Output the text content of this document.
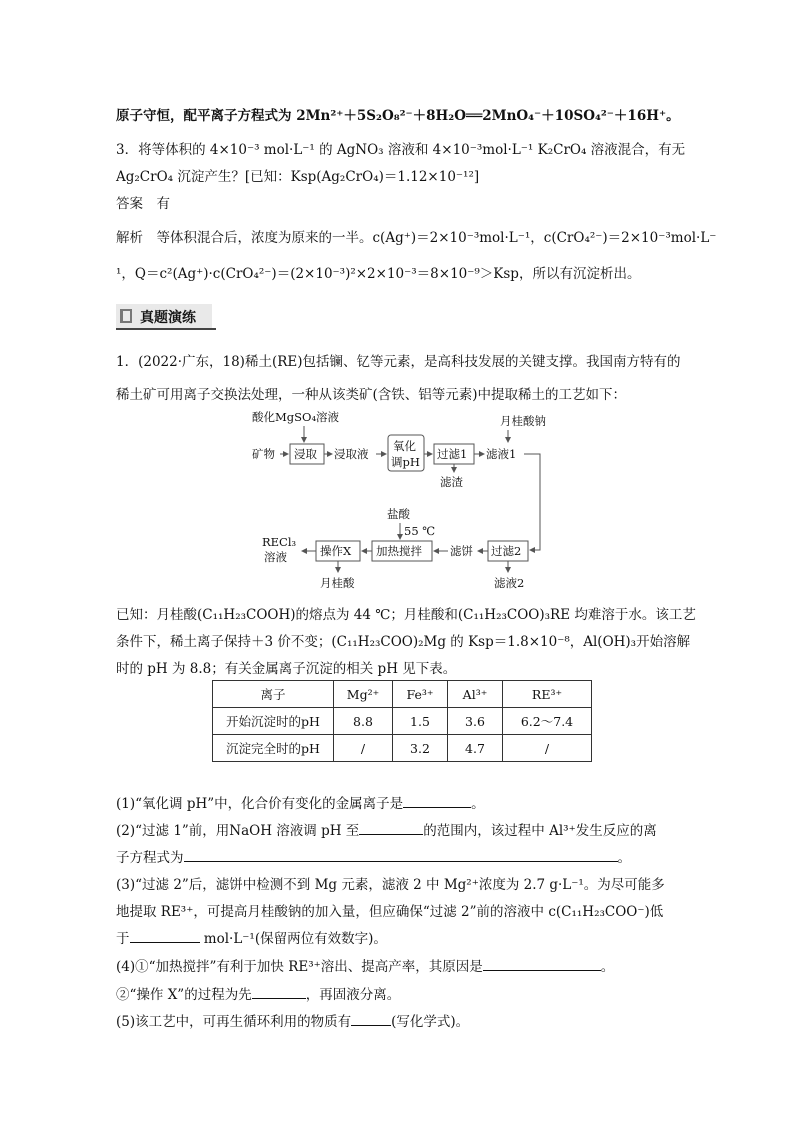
原子守恒，配平离子方程式为 2Mn²⁺＋5S₂O₈²⁻＋8H₂O══2MnO₄⁻＋10SO₄²⁻＋16H⁺。
3．将等体积的 4×10⁻³ mol·L⁻¹ 的 AgNO₃ 溶液和 4×10⁻³mol·L⁻¹ K₂CrO₄ 溶液混合，有无
Ag₂CrO₄ 沉淀产生？[已知：Ksp(Ag₂CrO₄)＝1.12×10⁻¹²]
答案　有
解析　等体积混合后，浓度为原来的一半。c(Ag⁺)＝2×10⁻³mol·L⁻¹，c(CrO₄²⁻)＝2×10⁻³mol·L⁻
¹，Q＝c²(Ag⁺)·c(CrO₄²⁻)＝(2×10⁻³)²×2×10⁻³＝8×10⁻⁹＞Ksp，所以有沉淀析出。
真题演练
1．(2022·广东，18)稀土(RE)包括镧、钇等元素，是高科技发展的关键支撑。我国南方特有的
稀土矿可用离子交换法处理，一种从该类矿(含铁、铝等元素)中提取稀土的工艺如下：
酸化MgSO₄溶液
矿物 浸取 浸取液
氧化
调pH
过滤1
滤渣
滤液1
月桂酸钠
过滤2
滤液2
滤饼
加热搅拌
盐酸
55 ℃
操作X
月桂酸
RECl₃
溶液
已知：月桂酸(C₁₁H₂₃COOH)的熔点为 44 ℃；月桂酸和(C₁₁H₂₃COO)₃RE 均难溶于水。该工艺
条件下，稀土离子保持＋3 价不变；(C₁₁H₂₃COO)₂Mg 的 Ksp＝1.8×10⁻⁸，Al(OH)₃开始溶解
时的 pH 为 8.8；有关金属离子沉淀的相关 pH 见下表。
离子	Mg²⁺	Fe³⁺	Al³⁺	RE³⁺
开始沉淀时的pH	8.8	1.5	3.6	6.2～7.4
沉淀完全时的pH	/	3.2	4.7	/
(1)“氧化调 pH”中，化合价有变化的金属离子是	。
(2)“过滤 1”前，用NaOH 溶液调 pH 至	的范围内，该过程中 Al³⁺发生反应的离
子方程式为	。
(3)“过滤 2”后，滤饼中检测不到 Mg 元素，滤液 2 中 Mg²⁺浓度为 2.7 g·L⁻¹。为尽可能多
地提取 RE³⁺，可提高月桂酸钠的加入量，但应确保“过滤 2”前的溶液中 c(C₁₁H₂₃COO⁻)低
于	mol·L⁻¹(保留两位有效数字)。
(4)①“加热搅拌”有利于加快 RE³⁺溶出、提高产率，其原因是	。
②“操作 X”的过程为先	，再固液分离。
(5)该工艺中，可再生循环利用的物质有	(写化学式)。
